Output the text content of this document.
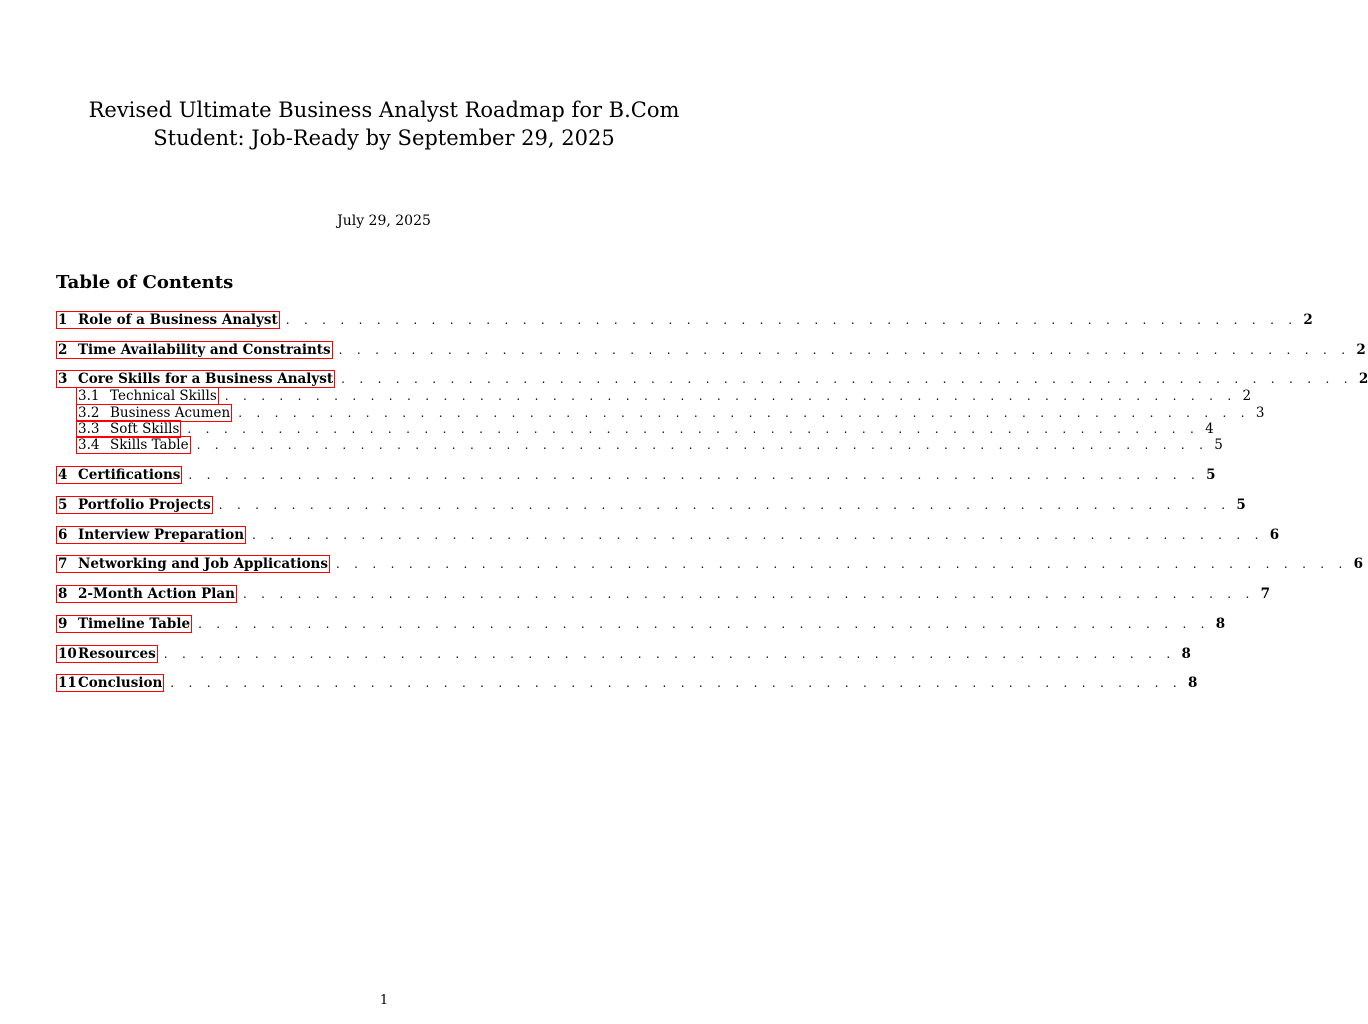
Revised Ultimate Business Analyst Roadmap for B.Com
Student: Job-Ready by September 29, 2025
July 29, 2025
Table of Contents
1 Role of a Business Analyst . . . . . . . . . . . . . . . . . . . . . . . . . . . . . . . . . . . . . . . . . . . . . . . . . . . . . . . . 2
2 Time Availability and Constraints . . . . . . . . . . . . . . . . . . . . . . . . . . . . . . . . . . . . . . . . . . . . . . . . . . . . . . . . 2
3 Core Skills for a Business Analyst . . . . . . . . . . . . . . . . . . . . . . . . . . . . . . . . . . . . . . . . . . . . . . . . . . . . . . . . 2
3.1 Technical Skills . . . . . . . . . . . . . . . . . . . . . . . . . . . . . . . . . . . . . . . . . . . . . . . . . . . . . . . . 2
3.2 Business Acumen . . . . . . . . . . . . . . . . . . . . . . . . . . . . . . . . . . . . . . . . . . . . . . . . . . . . . . . . 3
3.3 Soft Skills . . . . . . . . . . . . . . . . . . . . . . . . . . . . . . . . . . . . . . . . . . . . . . . . . . . . . . . . 4
3.4 Skills Table . . . . . . . . . . . . . . . . . . . . . . . . . . . . . . . . . . . . . . . . . . . . . . . . . . . . . . . . 5
4 Certifications . . . . . . . . . . . . . . . . . . . . . . . . . . . . . . . . . . . . . . . . . . . . . . . . . . . . . . . . 5
5 Portfolio Projects . . . . . . . . . . . . . . . . . . . . . . . . . . . . . . . . . . . . . . . . . . . . . . . . . . . . . . . . 5
6 Interview Preparation . . . . . . . . . . . . . . . . . . . . . . . . . . . . . . . . . . . . . . . . . . . . . . . . . . . . . . . . 6
7 Networking and Job Applications . . . . . . . . . . . . . . . . . . . . . . . . . . . . . . . . . . . . . . . . . . . . . . . . . . . . . . . . 6
8 2-Month Action Plan . . . . . . . . . . . . . . . . . . . . . . . . . . . . . . . . . . . . . . . . . . . . . . . . . . . . . . . . 7
9 Timeline Table . . . . . . . . . . . . . . . . . . . . . . . . . . . . . . . . . . . . . . . . . . . . . . . . . . . . . . . . 8
10 Resources . . . . . . . . . . . . . . . . . . . . . . . . . . . . . . . . . . . . . . . . . . . . . . . . . . . . . . . . 8
11 Conclusion . . . . . . . . . . . . . . . . . . . . . . . . . . . . . . . . . . . . . . . . . . . . . . . . . . . . . . . . 8
1
